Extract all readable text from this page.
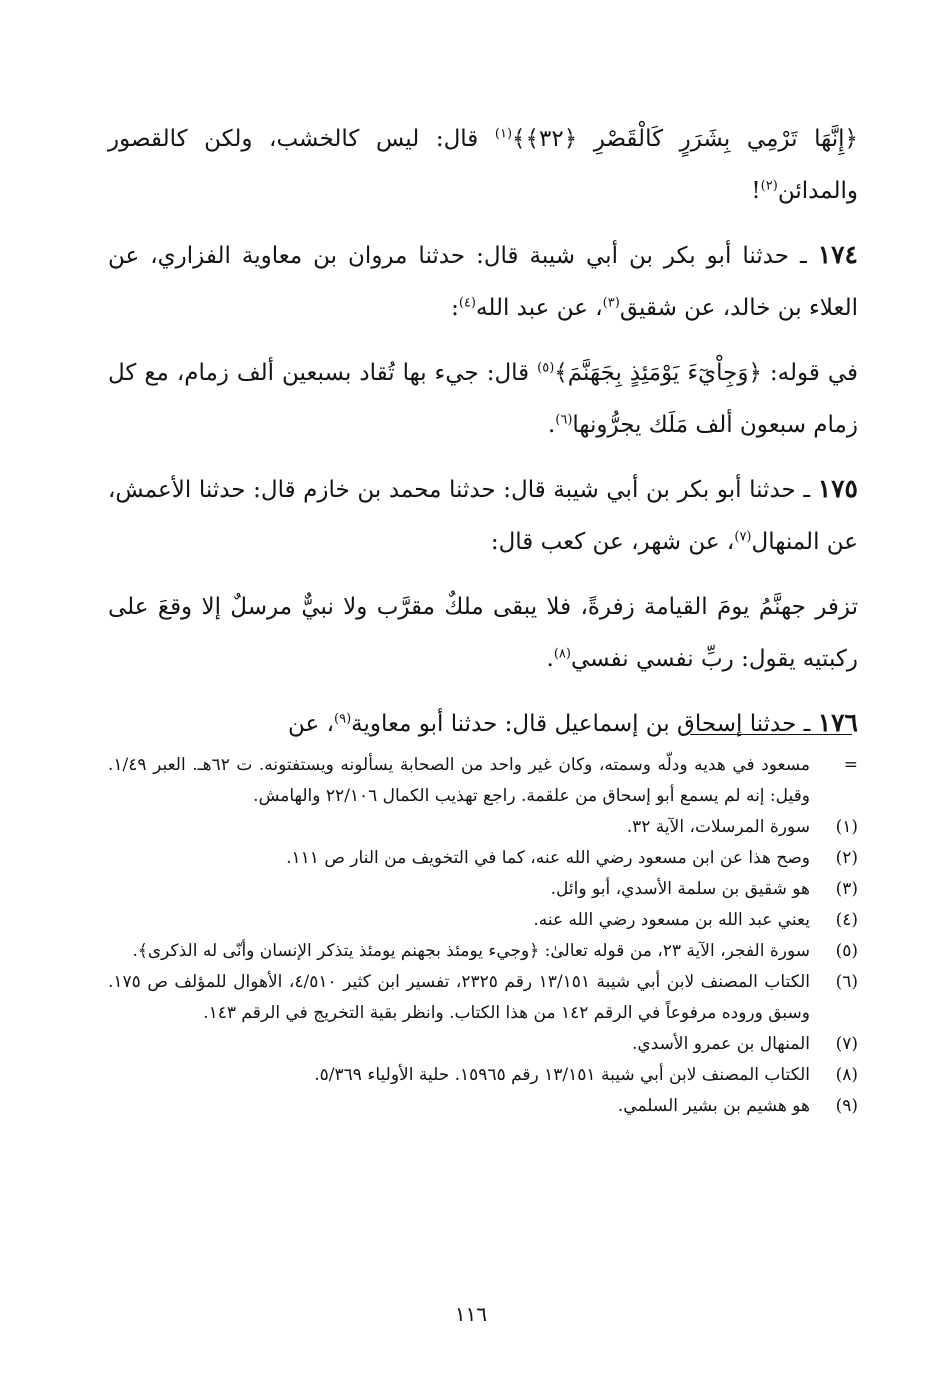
﴿إِنَّهَا تَرْمِي بِشَرَرٍ كَالْقَصْرِ ﴿٣٢﴾﴾$^{(١)}$ قال: ليس كالخشب، ولكن كالقصور والمدائن$^{(٢)}$!

١٧٤ ـ حدثنا أبو بكر بن أبي شيبة قال: حدثنا مروان بن معاوية الفزاري، عن العلاء بن خالد، عن شقيق$^{(٣)}$، عن عبد الله$^{(٤)}$:

في قوله: ﴿وَجِاْيٓءَ يَوْمَئِذٍ بِجَهَنَّمَ﴾$^{(٥)}$ قال: جيء بها تُقاد بسبعين ألف زمام، مع كل زمام سبعون ألف مَلَك يجرُّونها$^{(٦)}$.

١٧٥ ـ حدثنا أبو بكر بن أبي شيبة قال: حدثنا محمد بن خازم قال: حدثنا الأعمش، عن المنهال$^{(٧)}$، عن شهر، عن كعب قال:

تزفر جهنَّمُ يومَ القيامة زفرةً، فلا يبقى ملكٌ مقرَّب ولا نبيٌّ مرسلٌ إلا وقعَ على ركبتيه يقول: ربِّ نفسي نفسي$^{(٨)}$.

١٧٦ ـ حدثنا إسحاق بن إسماعيل قال: حدثنا أبو معاوية$^{(٩)}$، عن

=
مسعود في هديه ودلّه وسمته، وكان غير واحد من الصحابة يسألونه ويستفتونه. ت ٦٢هـ. العبر ١/٤٩. وقيل: إنه لم يسمع أبو إسحاق من علقمة. راجع تهذيب الكمال ٢٢/١٠٦ والهامش.
(١)
سورة المرسلات، الآية ٣٢.
(٢)
وصح هذا عن ابن مسعود رضي الله عنه، كما في التخويف من النار ص ١١١.
(٣)
هو شقيق بن سلمة الأسدي، أبو وائل.
(٤)
يعني عبد الله بن مسعود رضي الله عنه.
(٥)
سورة الفجر، الآية ٢٣، من قوله تعالىٰ: ﴿وجيء يومئذ بجهنم يومئذ يتذكر الإنسان وأنّى له الذكرى﴾.
(٦)
الكتاب المصنف لابن أبي شيبة ١٣/١٥١ رقم ٢٣٢٥، تفسير ابن كثير ٤/٥١٠، الأهوال للمؤلف ص ١٧٥. وسبق وروده مرفوعاً في الرقم ١٤٢ من هذا الكتاب. وانظر بقية التخريج في الرقم ١٤٣.
(٧)
المنهال بن عمرو الأسدي.
(٨)
الكتاب المصنف لابن أبي شيبة ١٣/١٥١ رقم ١٥٩٦٥. حلية الأولياء ٥/٣٦٩.
(٩)
هو هشيم بن بشير السلمي.
١١٦
